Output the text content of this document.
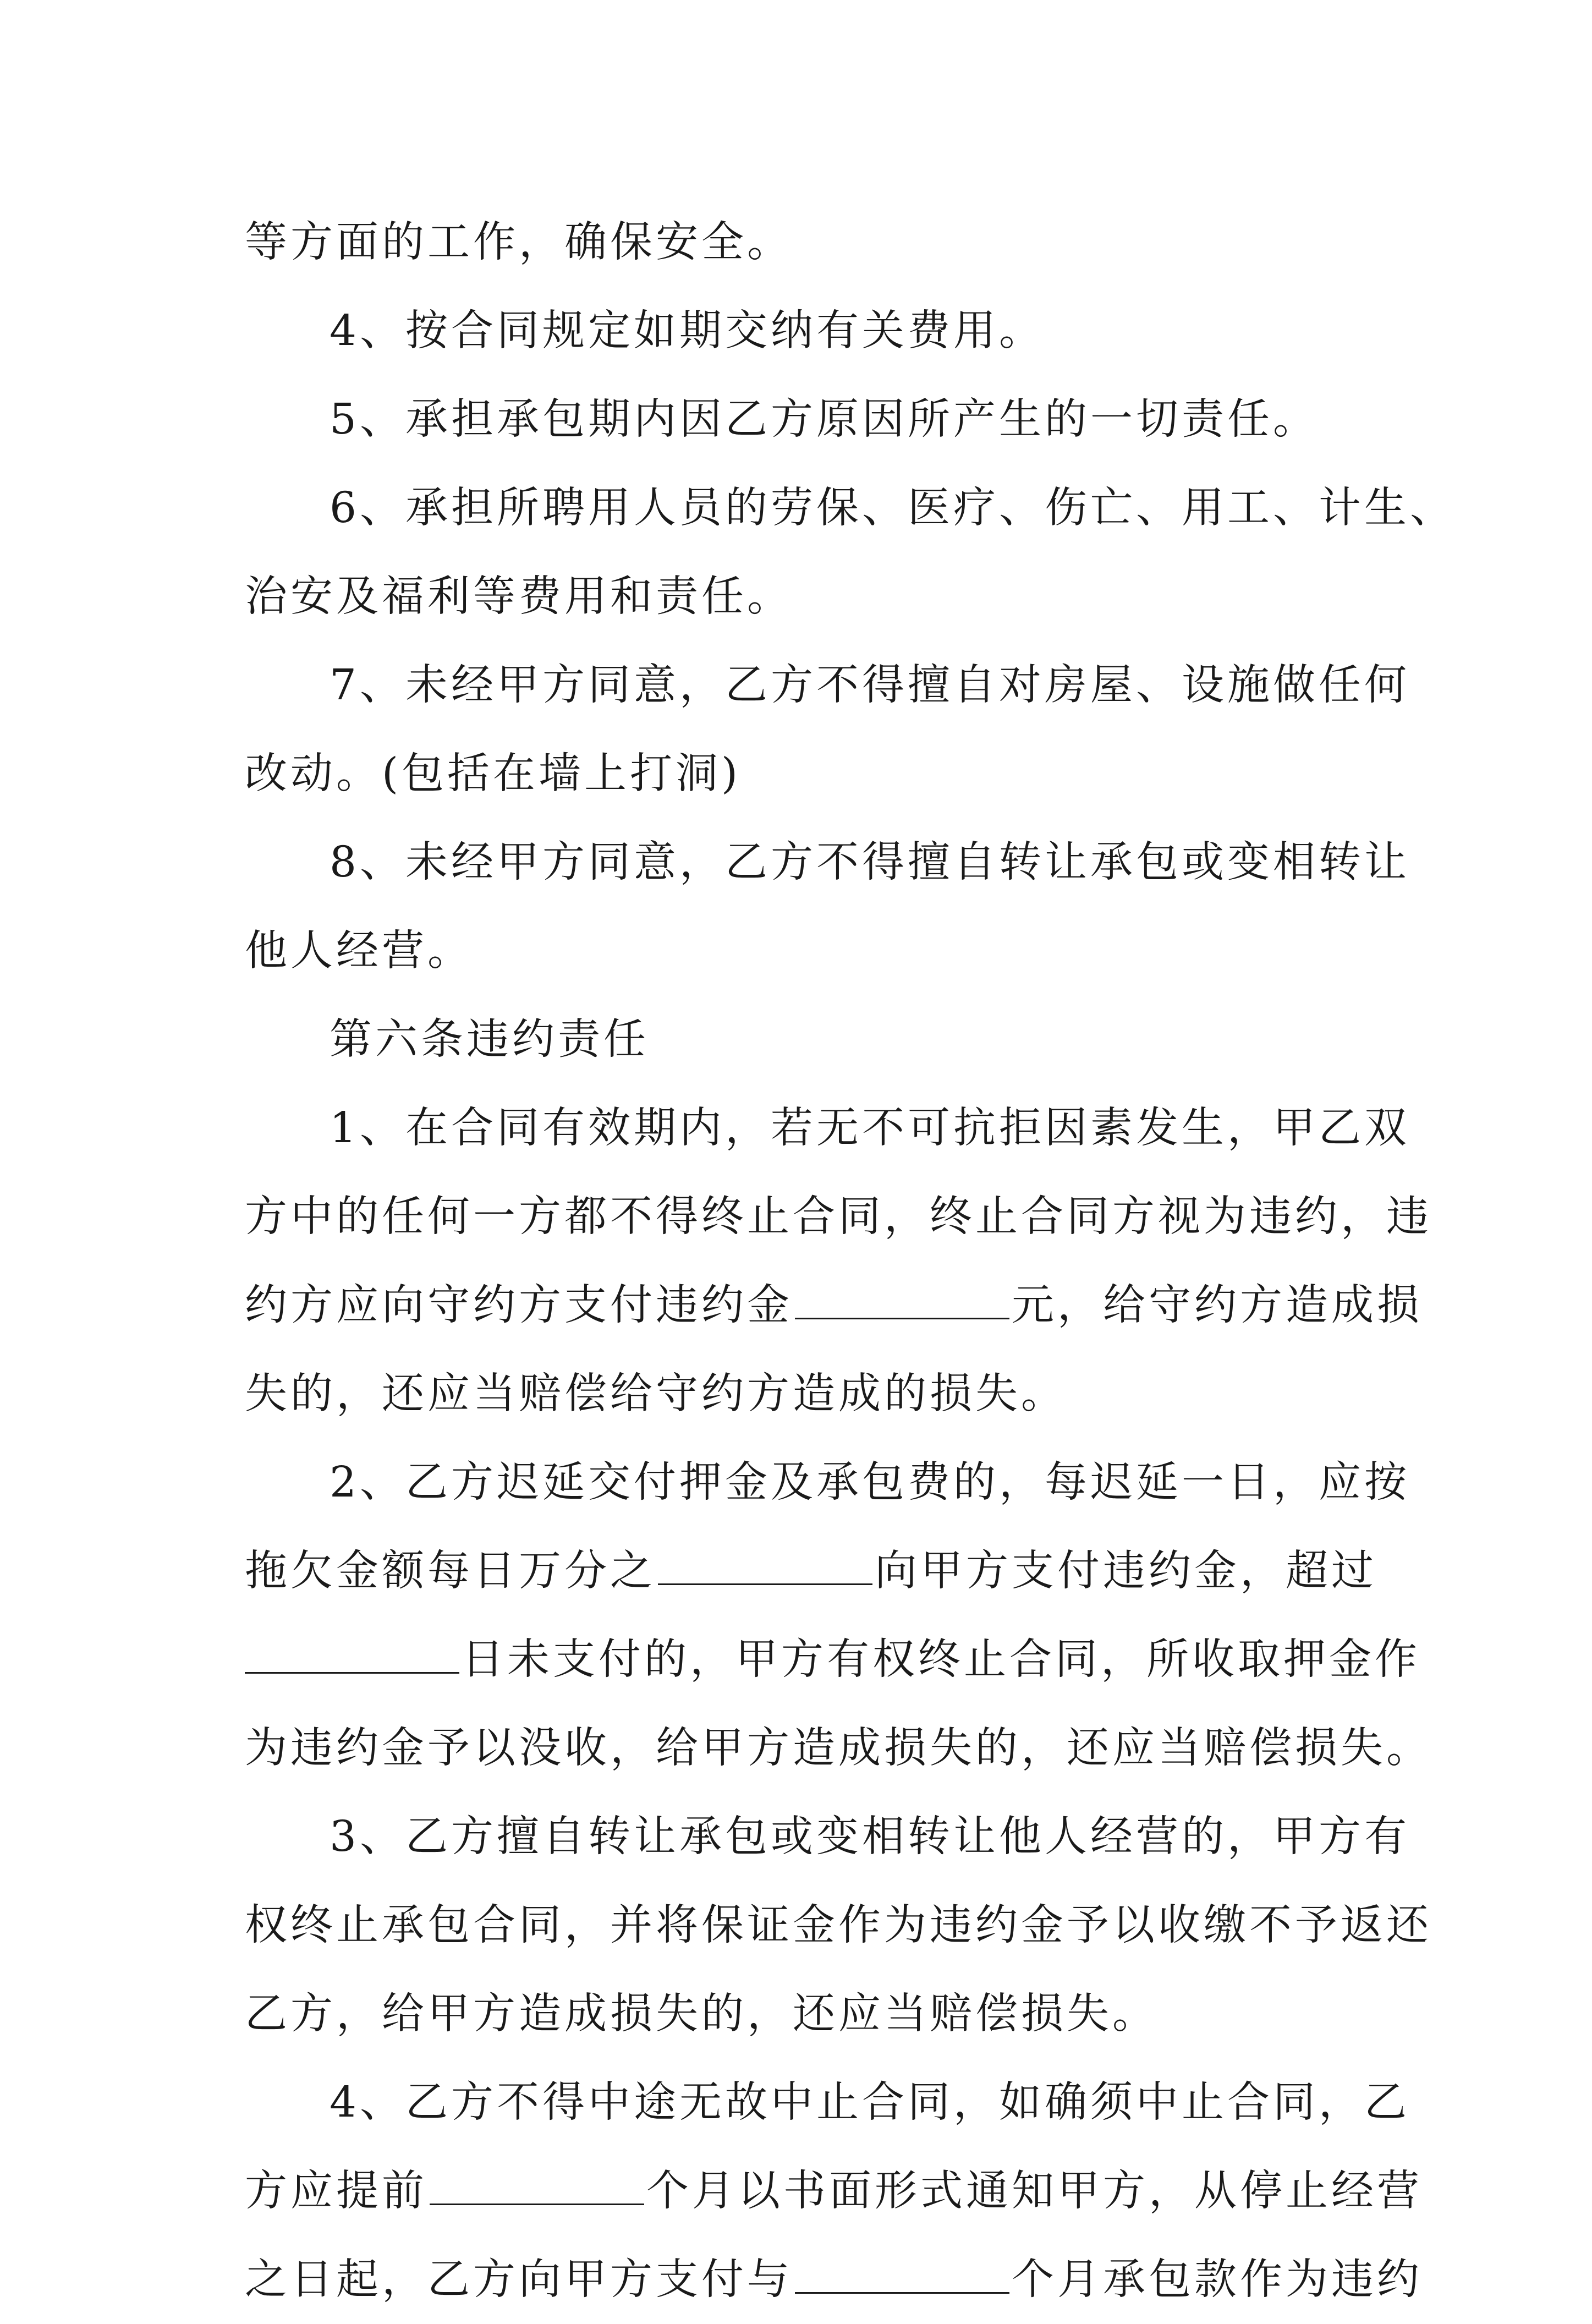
等方面的工作，确保安全。

4、按合同规定如期交纳有关费用。

5、承担承包期内因乙方原因所产生的一切责任。

6、承担所聘用人员的劳保、医疗、伤亡、用工、计生、

治安及福利等费用和责任。

7、未经甲方同意，乙方不得擅自对房屋、设施做任何

改动。(包括在墙上打洞)

8、未经甲方同意，乙方不得擅自转让承包或变相转让

他人经营。

第六条违约责任

1、在合同有效期内，若无不可抗拒因素发生，甲乙双

方中的任何一方都不得终止合同，终止合同方视为违约，违

约方应向守约方支付违约金	元，给守约方造成损

失的，还应当赔偿给守约方造成的损失。

2、乙方迟延交付押金及承包费的，每迟延一日，应按

拖欠金额每日万分之	向甲方支付违约金，超过

日未支付的，甲方有权终止合同，所收取押金作

为违约金予以没收，给甲方造成损失的，还应当赔偿损失。

3、乙方擅自转让承包或变相转让他人经营的，甲方有

权终止承包合同，并将保证金作为违约金予以收缴不予返还

乙方，给甲方造成损失的，还应当赔偿损失。

4、乙方不得中途无故中止合同，如确须中止合同，乙

方应提前	个月以书面形式通知甲方，从停止经营

之日起，乙方向甲方支付与	个月承包款作为违约
